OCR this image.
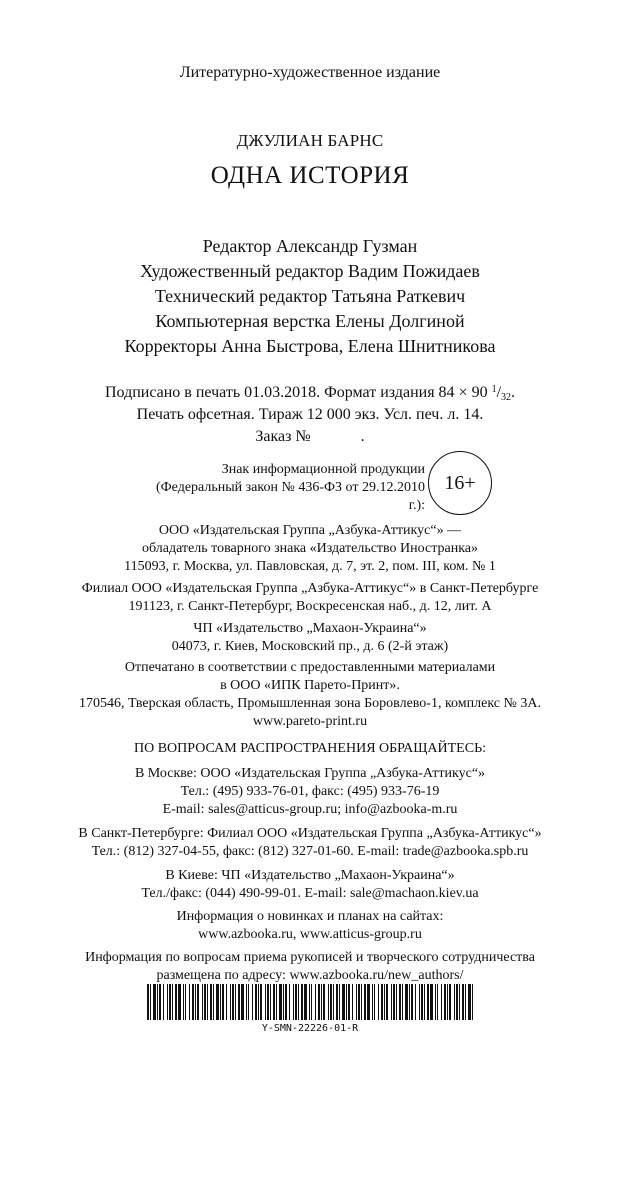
Литературно-художественное издание
ДЖУЛИАН БАРНС
ОДНА ИСТОРИЯ
Редактор Александр Гузман
Художественный редактор Вадим Пожидаев
Технический редактор Татьяна Раткевич
Компьютерная верстка Елены Долгиной
Корректоры Анна Быстрова, Елена Шнитникова
Подписано в печать 01.03.2018. Формат издания 84 × 90 $^1/_{32}$.
Печать офсетная. Тираж 12 000 экз. Усл. печ. л. 14.
Заказ №	.
Знак информационной продукции
(Федеральный закон № 436-ФЗ от 29.12.2010 г.):
16+
ООО «Издательская Группа „Азбука-Аттикус“» —
обладатель товарного знака «Издательство Иностранка»
115093, г. Москва, ул. Павловская, д. 7, эт. 2, пом. III, ком. № 1
Филиал ООО «Издательская Группа „Азбука-Аттикус“» в Санкт-Петербурге
191123, г. Санкт-Петербург, Воскресенская наб., д. 12, лит. А
ЧП «Издательство „Махаон-Украина“»
04073, г. Киев, Московский пр., д. 6 (2-й этаж)
Отпечатано в соответствии с предоставленными материалами
в ООО «ИПК Парето-Принт».
170546, Тверская область, Промышленная зона Боровлево-1, комплекс № 3А.
www.pareto-print.ru
ПО ВОПРОСАМ РАСПРОСТРАНЕНИЯ ОБРАЩАЙТЕСЬ:
В Москве: ООО «Издательская Группа „Азбука-Аттикус“»
Тел.: (495) 933-76-01, факс: (495) 933-76-19
E-mail: sales@atticus-group.ru; info@azbooka-m.ru
В Санкт-Петербурге: Филиал ООО «Издательская Группа „Азбука-Аттикус“»
Тел.: (812) 327-04-55, факс: (812) 327-01-60. E-mail: trade@azbooka.spb.ru
В Киеве: ЧП «Издательство „Махаон-Украина“»
Тел./факс: (044) 490-99-01. E-mail: sale@machaon.kiev.ua
Информация о новинках и планах на сайтах:
www.azbooka.ru, www.atticus-group.ru
Информация по вопросам приема рукописей и творческого сотрудничества
размещена по адресу: www.azbooka.ru/new_authors/
Y-SMN-22226-01-R
